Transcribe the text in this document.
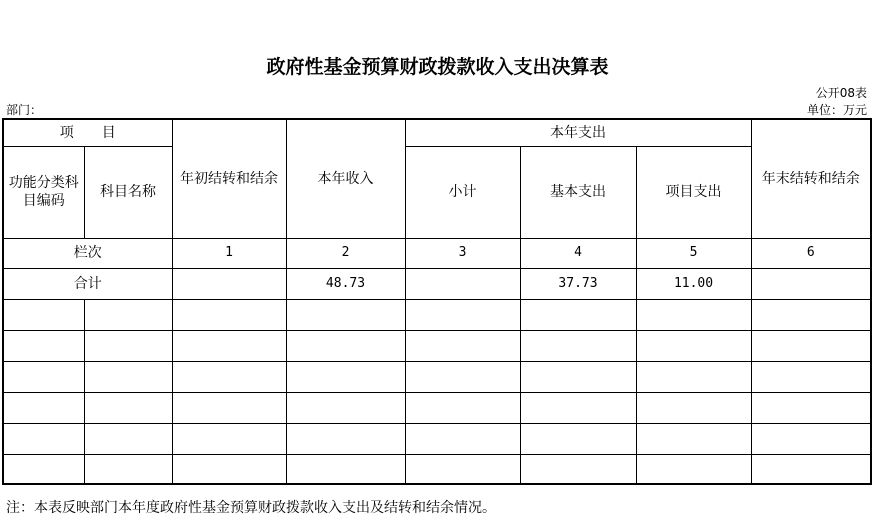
政府性基金预算财政拨款收入支出决算表
公开08表
部门：	单位：万元
项　　目		年初结转和结余	本年收入	本年支出			年末结转和结余
功能分类科目编码	科目名称			小计	基本支出	项目支出	
栏次		1	2	3	4	5	6
合计			48.73		37.73	11.00	

注：本表反映部门本年度政府性基金预算财政拨款收入支出及结转和结余情况。
